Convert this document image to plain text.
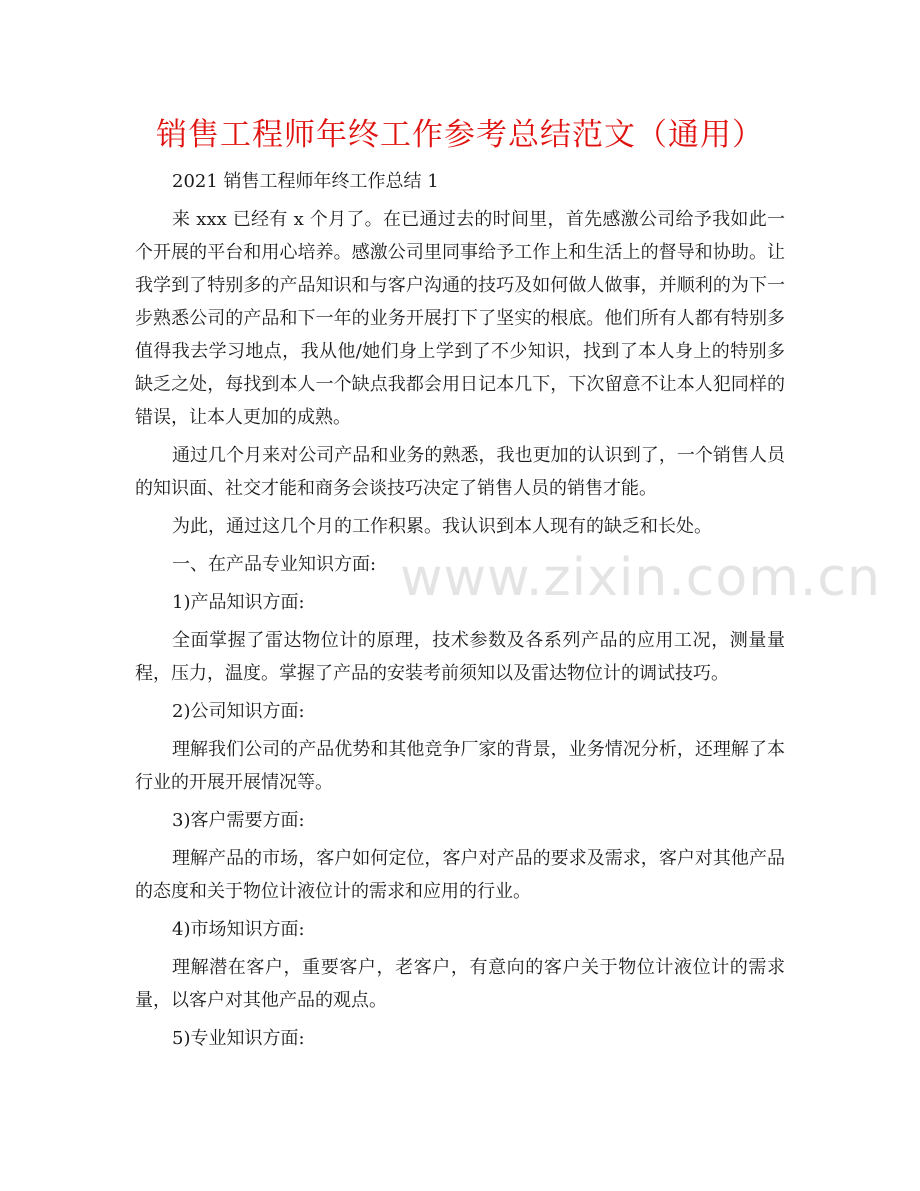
销售工程师年终工作参考总结范文（通用）

2021 销售工程师年终工作总结 1

来 xxx 已经有 x 个月了。在已通过去的时间里，首先感激公司给予我如此一个开展的平台和用心培养。感激公司里同事给予工作上和生活上的督导和协助。让我学到了特别多的产品知识和与客户沟通的技巧及如何做人做事，并顺利的为下一步熟悉公司的产品和下一年的业务开展打下了坚实的根底。他们所有人都有特别多值得我去学习地点，我从他/她们身上学到了不少知识，找到了本人身上的特别多缺乏之处，每找到本人一个缺点我都会用日记本几下，下次留意不让本人犯同样的错误，让本人更加的成熟。

通过几个月来对公司产品和业务的熟悉，我也更加的认识到了，一个销售人员的知识面、社交才能和商务会谈技巧决定了销售人员的销售才能。

为此，通过这几个月的工作积累。我认识到本人现有的缺乏和长处。

一、在产品专业知识方面:

1)产品知识方面:

全面掌握了雷达物位计的原理，技术参数及各系列产品的应用工况，测量量程，压力，温度。掌握了产品的安装考前须知以及雷达物位计的调试技巧。

2)公司知识方面:

理解我们公司的产品优势和其他竞争厂家的背景，业务情况分析，还理解了本行业的开展开展情况等。

3)客户需要方面:

理解产品的市场，客户如何定位，客户对产品的要求及需求，客户对其他产品的态度和关于物位计液位计的需求和应用的行业。

4)市场知识方面:

理解潜在客户，重要客户，老客户，有意向的客户关于物位计液位计的需求量，以客户对其他产品的观点。

5)专业知识方面:

www.zixin.com.cn
